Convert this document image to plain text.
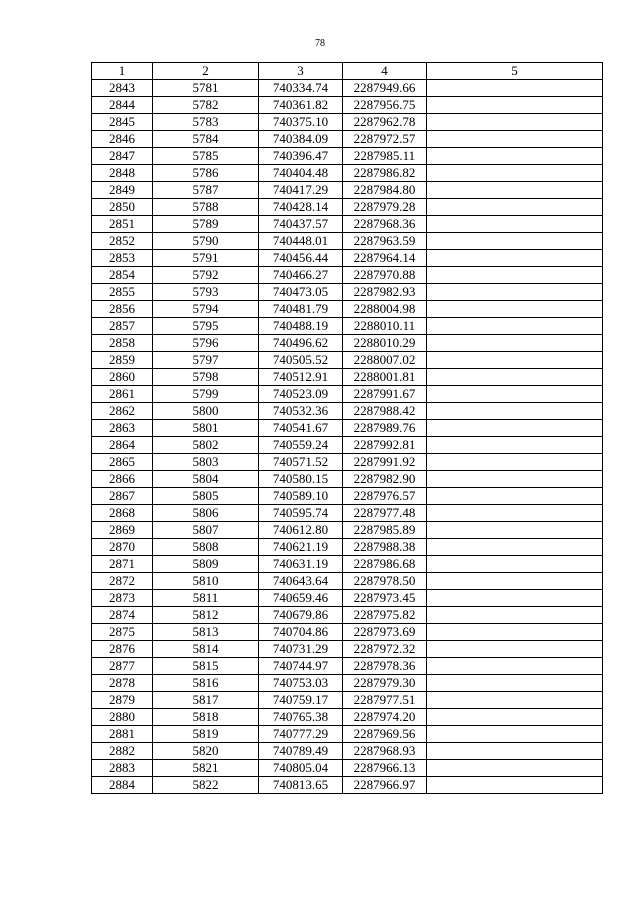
78
1	2	3	4	5
2843	5781	740334.74	2287949.66	
2844	5782	740361.82	2287956.75	
2845	5783	740375.10	2287962.78	
2846	5784	740384.09	2287972.57	
2847	5785	740396.47	2287985.11	
2848	5786	740404.48	2287986.82	
2849	5787	740417.29	2287984.80	
2850	5788	740428.14	2287979.28	
2851	5789	740437.57	2287968.36	
2852	5790	740448.01	2287963.59	
2853	5791	740456.44	2287964.14	
2854	5792	740466.27	2287970.88	
2855	5793	740473.05	2287982.93	
2856	5794	740481.79	2288004.98	
2857	5795	740488.19	2288010.11	
2858	5796	740496.62	2288010.29	
2859	5797	740505.52	2288007.02	
2860	5798	740512.91	2288001.81	
2861	5799	740523.09	2287991.67	
2862	5800	740532.36	2287988.42	
2863	5801	740541.67	2287989.76	
2864	5802	740559.24	2287992.81	
2865	5803	740571.52	2287991.92	
2866	5804	740580.15	2287982.90	
2867	5805	740589.10	2287976.57	
2868	5806	740595.74	2287977.48	
2869	5807	740612.80	2287985.89	
2870	5808	740621.19	2287988.38	
2871	5809	740631.19	2287986.68	
2872	5810	740643.64	2287978.50	
2873	5811	740659.46	2287973.45	
2874	5812	740679.86	2287975.82	
2875	5813	740704.86	2287973.69	
2876	5814	740731.29	2287972.32	
2877	5815	740744.97	2287978.36	
2878	5816	740753.03	2287979.30	
2879	5817	740759.17	2287977.51	
2880	5818	740765.38	2287974.20	
2881	5819	740777.29	2287969.56	
2882	5820	740789.49	2287968.93	
2883	5821	740805.04	2287966.13	
2884	5822	740813.65	2287966.97	
